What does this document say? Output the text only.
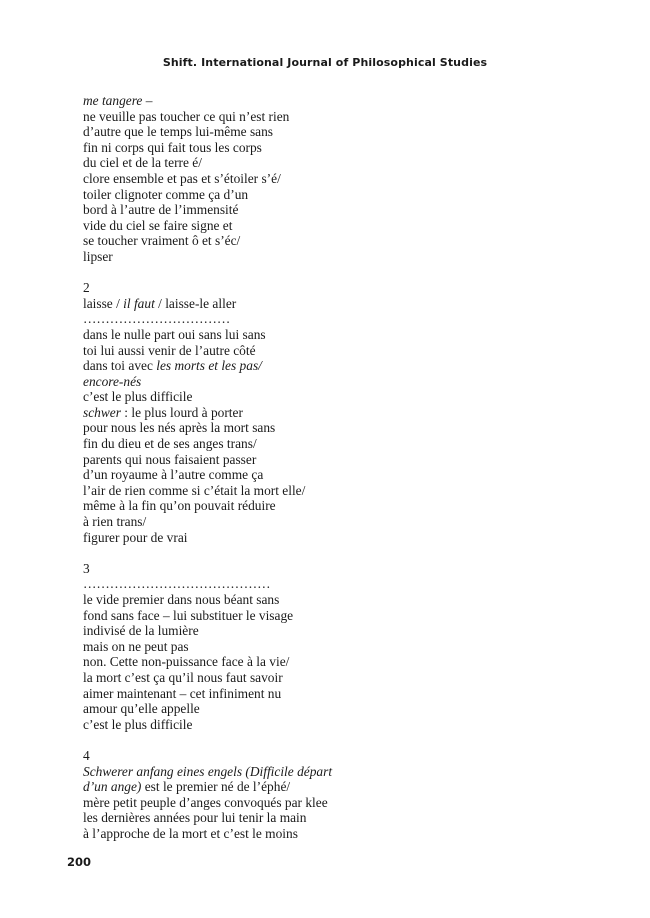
Shift. International Journal of Philosophical Studies
me tangere –
ne veuille pas toucher ce qui n’est rien
d’autre que le temps lui-même sans
fin ni corps qui fait tous les corps
du ciel et de la terre é/
clore ensemble et pas et s’étoiler s’é/
toiler clignoter comme ça d’un
bord à l’autre de l’immensité
vide du ciel se faire signe et
se toucher vraiment ô et s’éc/
lipser
2
laisse / il faut / laisse-le aller
……………………………
dans le nulle part oui sans lui sans
toi lui aussi venir de l’autre côté
dans toi avec les morts et les pas/
encore-nés
c’est le plus difficile
schwer : le plus lourd à porter
pour nous les nés après la mort sans
fin du dieu et de ses anges trans/
parents qui nous faisaient passer
d’un royaume à l’autre comme ça
l’air de rien comme si c’était la mort elle/
même à la fin qu’on pouvait réduire
à rien trans/
figurer pour de vrai
3
……………………………………
le vide premier dans nous béant sans
fond sans face – lui substituer le visage
indivisé de la lumière
mais on ne peut pas
non. Cette non-puissance face à la vie/
la mort c’est ça qu’il nous faut savoir
aimer maintenant – cet infiniment nu
amour qu’elle appelle
c’est le plus difficile
4
Schwerer anfang eines engels (Difficile départ
d’un ange) est le premier né de l’éphé/
mère petit peuple d’anges convoqués par klee
les dernières années pour lui tenir la main
à l’approche de la mort et c’est le moins
200
